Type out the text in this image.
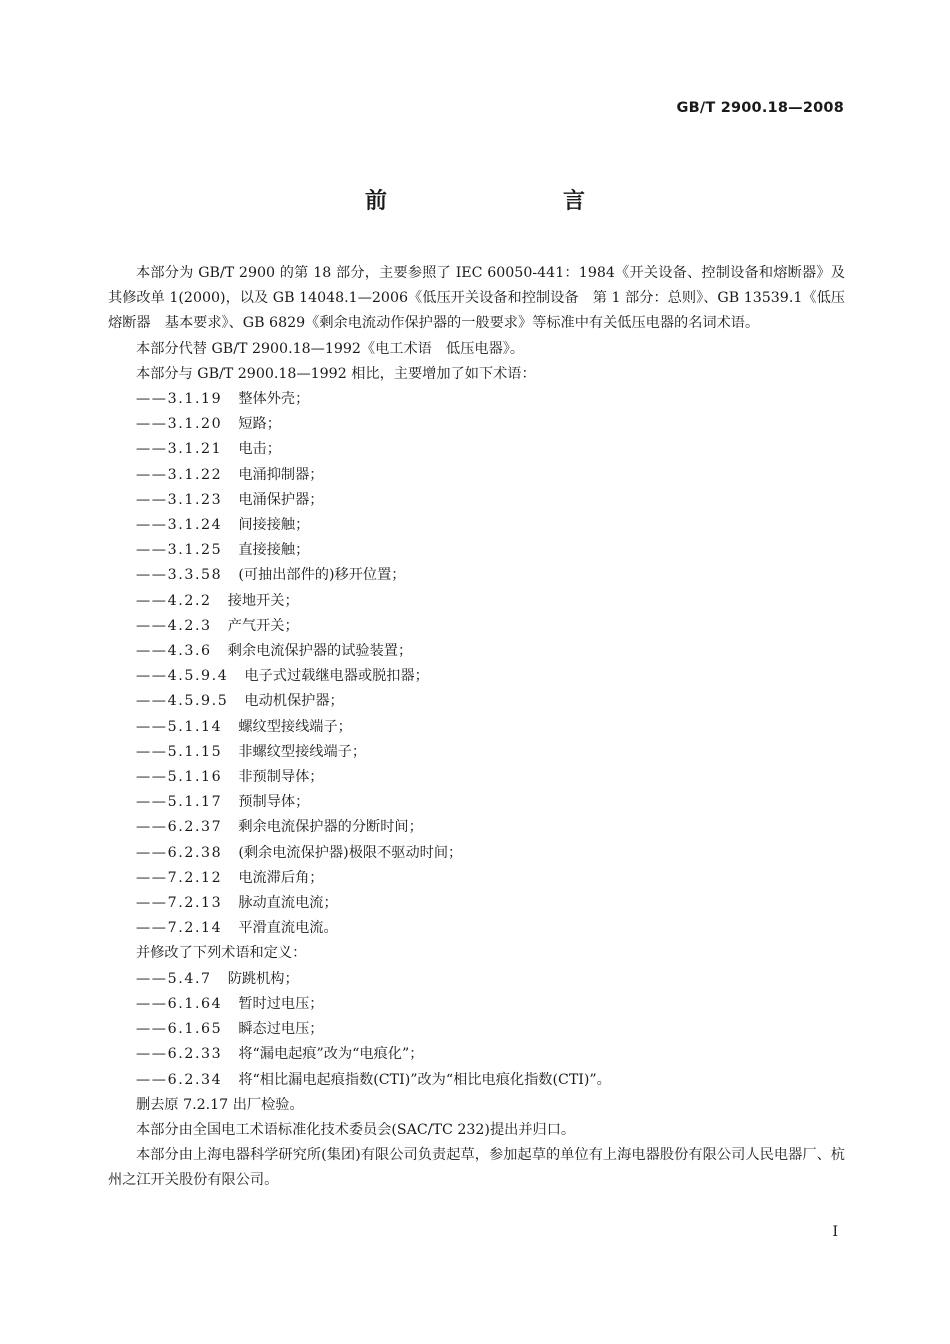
GB/T 2900.18—2008
前　　言

本部分为 GB/T 2900 的第 18 部分，主要参照了 IEC 60050-441：1984《开关设备、控制设备和熔断器》及其修改单 1(2000)，以及 GB 14048.1—2006《低压开关设备和控制设备　第 1 部分：总则》、GB 13539.1《低压熔断器　基本要求》、GB 6829《剩余电流动作保护器的一般要求》等标准中有关低压电器的名词术语。

本部分代替 GB/T 2900.18—1992《电工术语　低压电器》。

本部分与 GB/T 2900.18—1992 相比，主要增加了如下术语：

——3.1.19 整体外壳；
——3.1.20 短路；
——3.1.21 电击；
——3.1.22 电涌抑制器；
——3.1.23 电涌保护器；
——3.1.24 间接接触；
——3.1.25 直接接触；
——3.3.58 (可抽出部件的)移开位置；
——4.2.2 接地开关；
——4.2.3 产气开关；
——4.3.6 剩余电流保护器的试验装置；
——4.5.9.4 电子式过载继电器或脱扣器；
——4.5.9.5 电动机保护器；
——5.1.14 螺纹型接线端子；
——5.1.15 非螺纹型接线端子；
——5.1.16 非预制导体；
——5.1.17 预制导体；
——6.2.37 剩余电流保护器的分断时间；
——6.2.38 (剩余电流保护器)极限不驱动时间；
——7.2.12 电流滞后角；
——7.2.13 脉动直流电流；
——7.2.14 平滑直流电流。

并修改了下列术语和定义：

——5.4.7 防跳机构；
——6.1.64 暂时过电压；
——6.1.65 瞬态过电压；
——6.2.33 将“漏电起痕”改为“电痕化”；
——6.2.34 将“相比漏电起痕指数(CTI)”改为“相比电痕化指数(CTI)”。

删去原 7.2.17 出厂检验。

本部分由全国电工术语标准化技术委员会(SAC/TC 232)提出并归口。

本部分由上海电器科学研究所(集团)有限公司负责起草，参加起草的单位有上海电器股份有限公司人民电器厂、杭州之江开关股份有限公司。

I
